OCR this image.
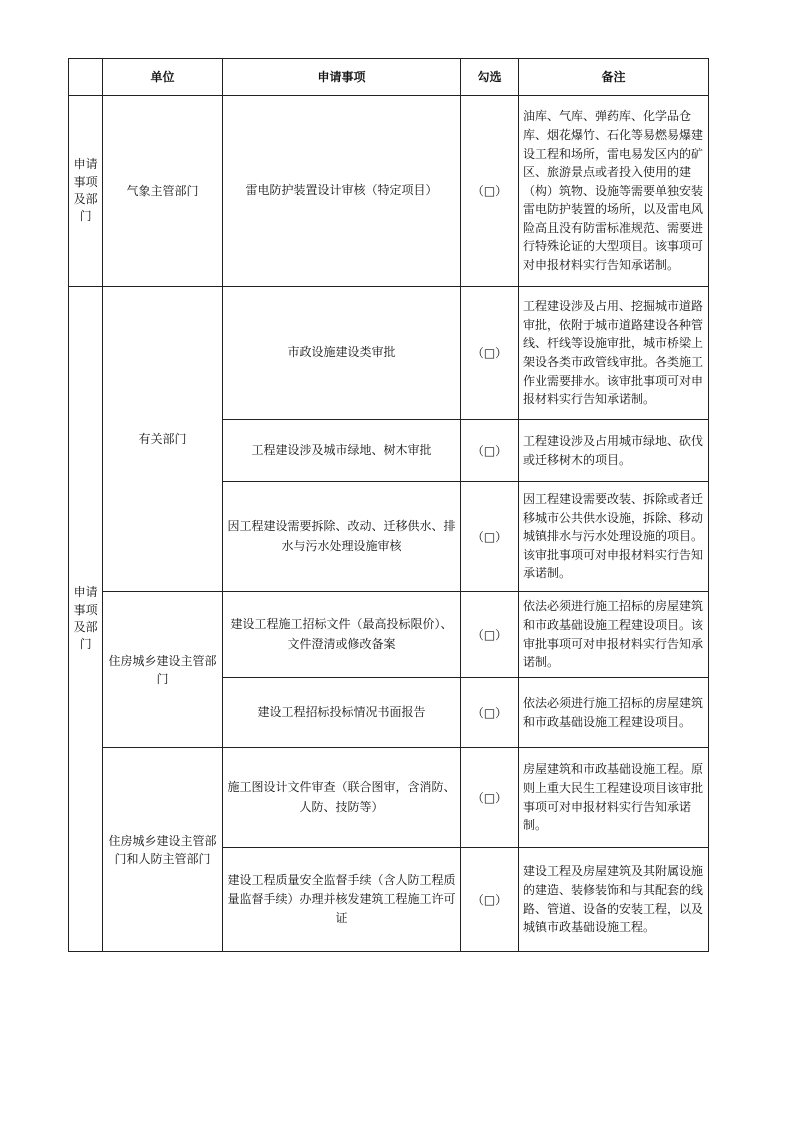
	单位	申请事项	勾选	备注
申请事项及部门	气象主管部门	雷电防护装置设计审核（特定项目）	（□）	油库、气库、弹药库、化学品仓库、烟花爆竹、石化等易燃易爆建设工程和场所，雷电易发区内的矿区、旅游景点或者投入使用的建（构）筑物、设施等需要单独安装雷电防护装置的场所，以及雷电风险高且没有防雷标准规范、需要进行特殊论证的大型项目。该事项可对申报材料实行告知承诺制。
申请事项及部门	有关部门	市政设施建设类审批	（□）	工程建设涉及占用、挖掘城市道路审批，依附于城市道路建设各种管线、杆线等设施审批，城市桥梁上架设各类市政管线审批。各类施工作业需要排水。该审批事项可对申报材料实行告知承诺制。
		工程建设涉及城市绿地、树木审批	（□）	工程建设涉及占用城市绿地、砍伐或迁移树木的项目。
		因工程建设需要拆除、改动、迁移供水、排水与污水处理设施审核	（□）	因工程建设需要改装、拆除或者迁移城市公共供水设施，拆除、移动城镇排水与污水处理设施的项目。该审批事项可对申报材料实行告知承诺制。
	住房城乡建设主管部门	建设工程施工招标文件（最高投标限价）、文件澄清或修改备案	（□）	依法必须进行施工招标的房屋建筑和市政基础设施工程建设项目。该审批事项可对申报材料实行告知承诺制。
		建设工程招标投标情况书面报告	（□）	依法必须进行施工招标的房屋建筑和市政基础设施工程建设项目。
	住房城乡建设主管部门和人防主管部门	施工图设计文件审查（联合图审，含消防、人防、技防等）	（□）	房屋建筑和市政基础设施工程。原则上重大民生工程建设项目该审批事项可对申报材料实行告知承诺制。
		建设工程质量安全监督手续（含人防工程质量监督手续）办理并核发建筑工程施工许可证	（□）	建设工程及房屋建筑及其附属设施的建造、装修装饰和与其配套的线路、管道、设备的安装工程，以及城镇市政基础设施工程。
